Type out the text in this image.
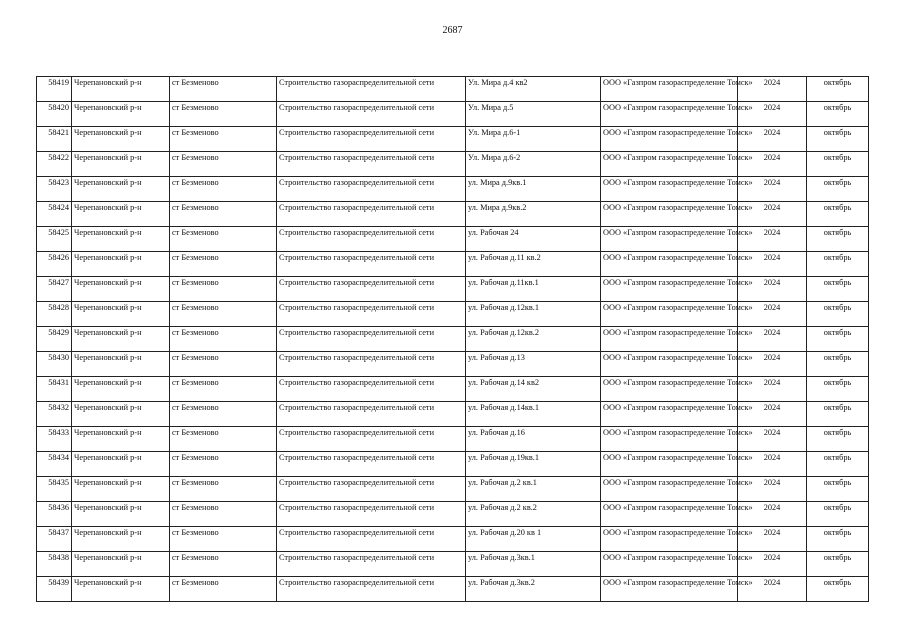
2687
58419	Черепановский р-н	ст Безменово	Строительство газораспределительной сети	Ул. Мира д.4 кв2	ООО «Газпром газораспределение Томск»	2024	октябрь
58420	Черепановский р-н	ст Безменово	Строительство газораспределительной сети	Ул. Мира д.5	ООО «Газпром газораспределение Томск»	2024	октябрь
58421	Черепановский р-н	ст Безменово	Строительство газораспределительной сети	Ул. Мира д.6-1	ООО «Газпром газораспределение Томск»	2024	октябрь
58422	Черепановский р-н	ст Безменово	Строительство газораспределительной сети	Ул. Мира д.6-2	ООО «Газпром газораспределение Томск»	2024	октябрь
58423	Черепановский р-н	ст Безменово	Строительство газораспределительной сети	ул. Мира д.9кв.1	ООО «Газпром газораспределение Томск»	2024	октябрь
58424	Черепановский р-н	ст Безменово	Строительство газораспределительной сети	ул. Мира д.9кв.2	ООО «Газпром газораспределение Томск»	2024	октябрь
58425	Черепановский р-н	ст Безменово	Строительство газораспределительной сети	ул. Рабочая 24	ООО «Газпром газораспределение Томск»	2024	октябрь
58426	Черепановский р-н	ст Безменово	Строительство газораспределительной сети	ул. Рабочая д.11 кв.2	ООО «Газпром газораспределение Томск»	2024	октябрь
58427	Черепановский р-н	ст Безменово	Строительство газораспределительной сети	ул. Рабочая д.11кв.1	ООО «Газпром газораспределение Томск»	2024	октябрь
58428	Черепановский р-н	ст Безменово	Строительство газораспределительной сети	ул. Рабочая д.12кв.1	ООО «Газпром газораспределение Томск»	2024	октябрь
58429	Черепановский р-н	ст Безменово	Строительство газораспределительной сети	ул. Рабочая д.12кв.2	ООО «Газпром газораспределение Томск»	2024	октябрь
58430	Черепановский р-н	ст Безменово	Строительство газораспределительной сети	ул. Рабочая д.13	ООО «Газпром газораспределение Томск»	2024	октябрь
58431	Черепановский р-н	ст Безменово	Строительство газораспределительной сети	ул. Рабочая д.14 кв2	ООО «Газпром газораспределение Томск»	2024	октябрь
58432	Черепановский р-н	ст Безменово	Строительство газораспределительной сети	ул. Рабочая д.14кв.1	ООО «Газпром газораспределение Томск»	2024	октябрь
58433	Черепановский р-н	ст Безменово	Строительство газораспределительной сети	ул. Рабочая д.16	ООО «Газпром газораспределение Томск»	2024	октябрь
58434	Черепановский р-н	ст Безменово	Строительство газораспределительной сети	ул. Рабочая д.19кв.1	ООО «Газпром газораспределение Томск»	2024	октябрь
58435	Черепановский р-н	ст Безменово	Строительство газораспределительной сети	ул. Рабочая д.2 кв.1	ООО «Газпром газораспределение Томск»	2024	октябрь
58436	Черепановский р-н	ст Безменово	Строительство газораспределительной сети	ул. Рабочая д.2 кв.2	ООО «Газпром газораспределение Томск»	2024	октябрь
58437	Черепановский р-н	ст Безменово	Строительство газораспределительной сети	ул. Рабочая д.20 кв 1	ООО «Газпром газораспределение Томск»	2024	октябрь
58438	Черепановский р-н	ст Безменово	Строительство газораспределительной сети	ул. Рабочая д.3кв.1	ООО «Газпром газораспределение Томск»	2024	октябрь
58439	Черепановский р-н	ст Безменово	Строительство газораспределительной сети	ул. Рабочая д.3кв.2	ООО «Газпром газораспределение Томск»	2024	октябрь
